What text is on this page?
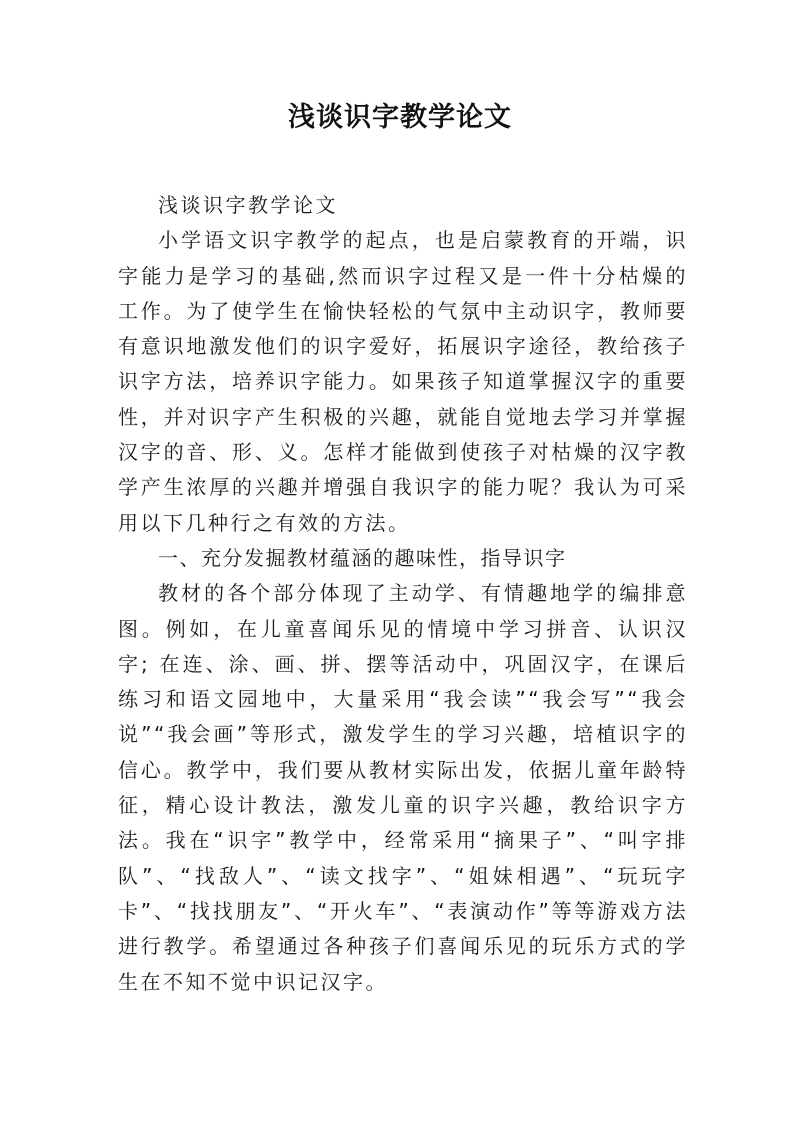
浅谈识字教学论文

浅谈识字教学论文

小学语文识字教学的起点，也是启蒙教育的开端，识字能力是学习的基础,然而识字过程又是一件十分枯燥的工作。为了使学生在愉快轻松的气氛中主动识字，教师要有意识地激发他们的识字爱好，拓展识字途径，教给孩子识字方法，培养识字能力。如果孩子知道掌握汉字的重要性，并对识字产生积极的兴趣，就能自觉地去学习并掌握汉字的音、形、义。怎样才能做到使孩子对枯燥的汉字教学产生浓厚的兴趣并增强自我识字的能力呢？我认为可采用以下几种行之有效的方法。

一、充分发掘教材蕴涵的趣味性，指导识字

教材的各个部分体现了主动学、有情趣地学的编排意图。例如，在儿童喜闻乐见的情境中学习拼音、认识汉字; 在连、涂、画、拼、摆等活动中，巩固汉字，在课后练习和语文园地中，大量采用“我会读”“我会写”“我会说”“我会画”等形式，激发学生的学习兴趣，培植识字的信心。教学中，我们要从教材实际出发，依据儿童年龄特征，精心设计教法，激发儿童的识字兴趣，教给识字方法。我在“识字”教学中，经常采用“摘果子”、“叫字排队”、“找敌人”、“读文找字”、“姐妹相遇”、“玩玩字卡”、“找找朋友”、“开火车”、“表演动作”等等游戏方法进行教学。希望通过各种孩子们喜闻乐见的玩乐方式的学生在不知不觉中识记汉字。
